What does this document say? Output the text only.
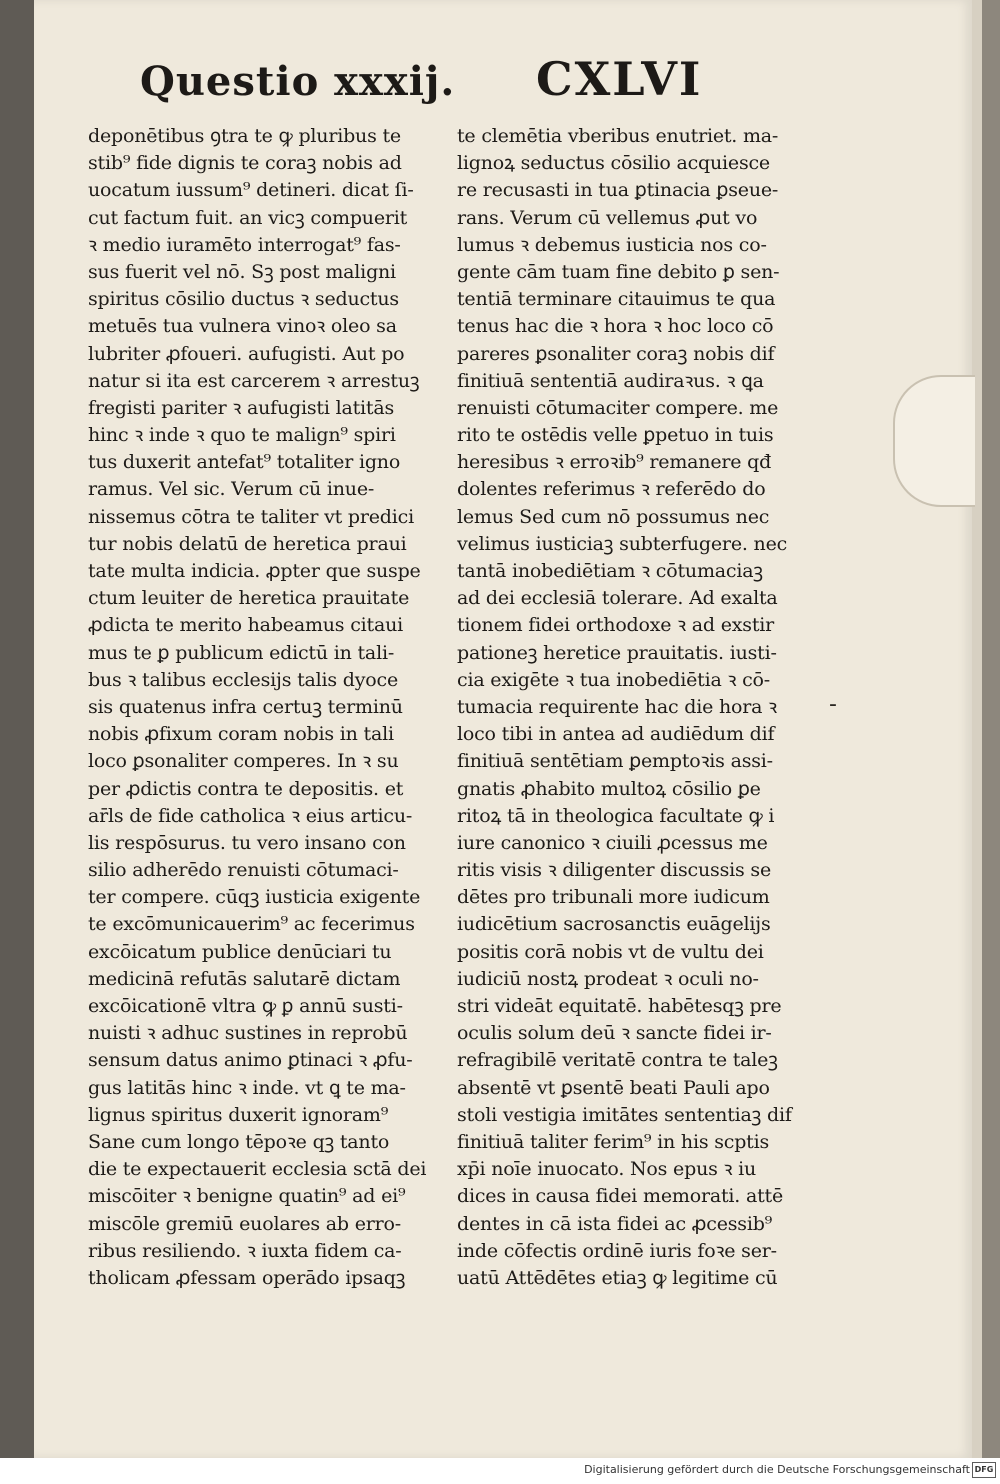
Questio xxxij. CXLVI
deponētibus ꝯtra te ꝙ pluribus te
stib⁹ fide dignis te coraꝫ nobis ad
uocatum iussum⁹ detineri. dicat ſi-
cut factum fuit. an vicꝫ compuerit
ꝛ medio iuramēto interrogat⁹ fas-
sus fuerit vel nō. Sꝫ post maligni
spiritus cōsilio ductus ꝛ seductus
metuēs tua vulnera vinoꝛ oleo sa
lubriter ꝓfoueri. aufugisti. Aut po
natur si ita est carcerem ꝛ arrestuꝫ
fregisti pariter ꝛ aufugisti latitās
hinc ꝛ inde ꝛ quo te malign⁹ spiri
tus duxerit antefat⁹ totaliter igno
ramus. Vel sic. Verum cū inue-
nissemus cōtra te taliter vt predici
tur nobis delatū de heretica praui
tate multa indicia. ꝓpter que suspe
ctum leuiter de heretica prauitate
ꝓdicta te merito habeamus citaui
mus te ꝑ publicum edictū in tali-
bus ꝛ talibus ecclesijs talis dyoce
sis quatenus infra certuꝫ terminū
nobis ꝓfixum coram nobis in tali
loco ꝑsonaliter comperes. In ꝛ su
per ꝓdictis contra te depositis. et
ar̄ls de fide catholica ꝛ eius articu-
lis respōsurus. tu vero insano con
silio adherēdo renuisti cōtumaci-
ter compere. cūqꝫ iusticia exigente
te excōmunicauerim⁹ ac fecerimus
excōicatum publice denūciari tu
medicinā refutās salutarē dictam
excōicationē vltra ꝙ ꝑ annū susti-
nuisti ꝛ adhuc sustines in reprobū
sensum datus animo ꝑtinaci ꝛ ꝓfu-
gus latitās hinc ꝛ inde. vt ꝗ te ma-
lignus spiritus duxerit ignoram⁹
Sane cum longo tēpoꝛe qꝫ tanto
die te expectauerit ecclesia sctā dei
miscōiter ꝛ benigne quatin⁹ ad ei⁹
miscōle gremiū euolares ab erro-
ribus resiliendo. ꝛ iuxta fidem ca-
tholicam ꝓfessam operādo ipsaqꝫ
te clemētia vberibus enutriet. ma-
lignoꝝ seductus cōsilio acquiesce
re recusasti in tua ꝑtinacia ꝑseue-
rans. Verum cū vellemus ꝓut vo
lumus ꝛ debemus iusticia nos co-
gente cām tuam fine debito ꝑ sen-
tentiā terminare citauimus te qua
tenus hac die ꝛ hora ꝛ hoc loco cō
pareres ꝑsonaliter coraꝫ nobis dif
finitiuā sententiā audiraꝛus. ꝛ ꝗa
renuisti cōtumaciter compere. me
rito te ostēdis velle ꝑpetuo in tuis
heresibus ꝛ erroꝛib⁹ remanere qđ
dolentes referimus ꝛ referēdo do
lemus Sed cum nō possumus nec
velimus iusticiaꝫ subterfugere. nec
tantā inobediētiam ꝛ cōtumaciaꝫ
ad dei ecclesiā tolerare. Ad exalta
tionem fidei orthodoxe ꝛ ad exstir
pationeꝫ heretice prauitatis. iusti-
cia exigēte ꝛ tua inobediētia ꝛ cō-
tumacia requirente hac die hora ꝛ
loco tibi in antea ad audiēdum dif
finitiuā sentētiam ꝑemptoꝛis assi-
gnatis ꝓhabito multoꝝ cōsilio ꝑe
ritoꝝ tā in theologica facultate ꝙ i
iure canonico ꝛ ciuili ꝓcessus me
ritis visis ꝛ diligenter discussis se
dētes pro tribunali more iudicum
iudicētium sacrosanctis euāgelijs
positis corā nobis vt de vultu dei
iudiciū nostꝝ prodeat ꝛ oculi no-
stri videāt equitatē. habētesqꝫ pre
oculis solum deū ꝛ sancte fidei ir-
refragibilē veritatē contra te taleꝫ
absentē vt ꝑsentē beati Pauli apo
stoli vestigia imitātes sententiaꝫ dif
finitiuā taliter ferim⁹ in his scptis
xp̄i noīe inuocato. Nos epus ꝛ iu
dices in causa fidei memorati. attē
dentes in cā ista fidei ac ꝓcessib⁹
inde cōfectis ordinē iuris foꝛe ser-
uatū Attēdētes etiaꝫ ꝙ legitime cū
-
Digitalisierung gefördert durch die Deutsche Forschungsgemeinschaft DFG
